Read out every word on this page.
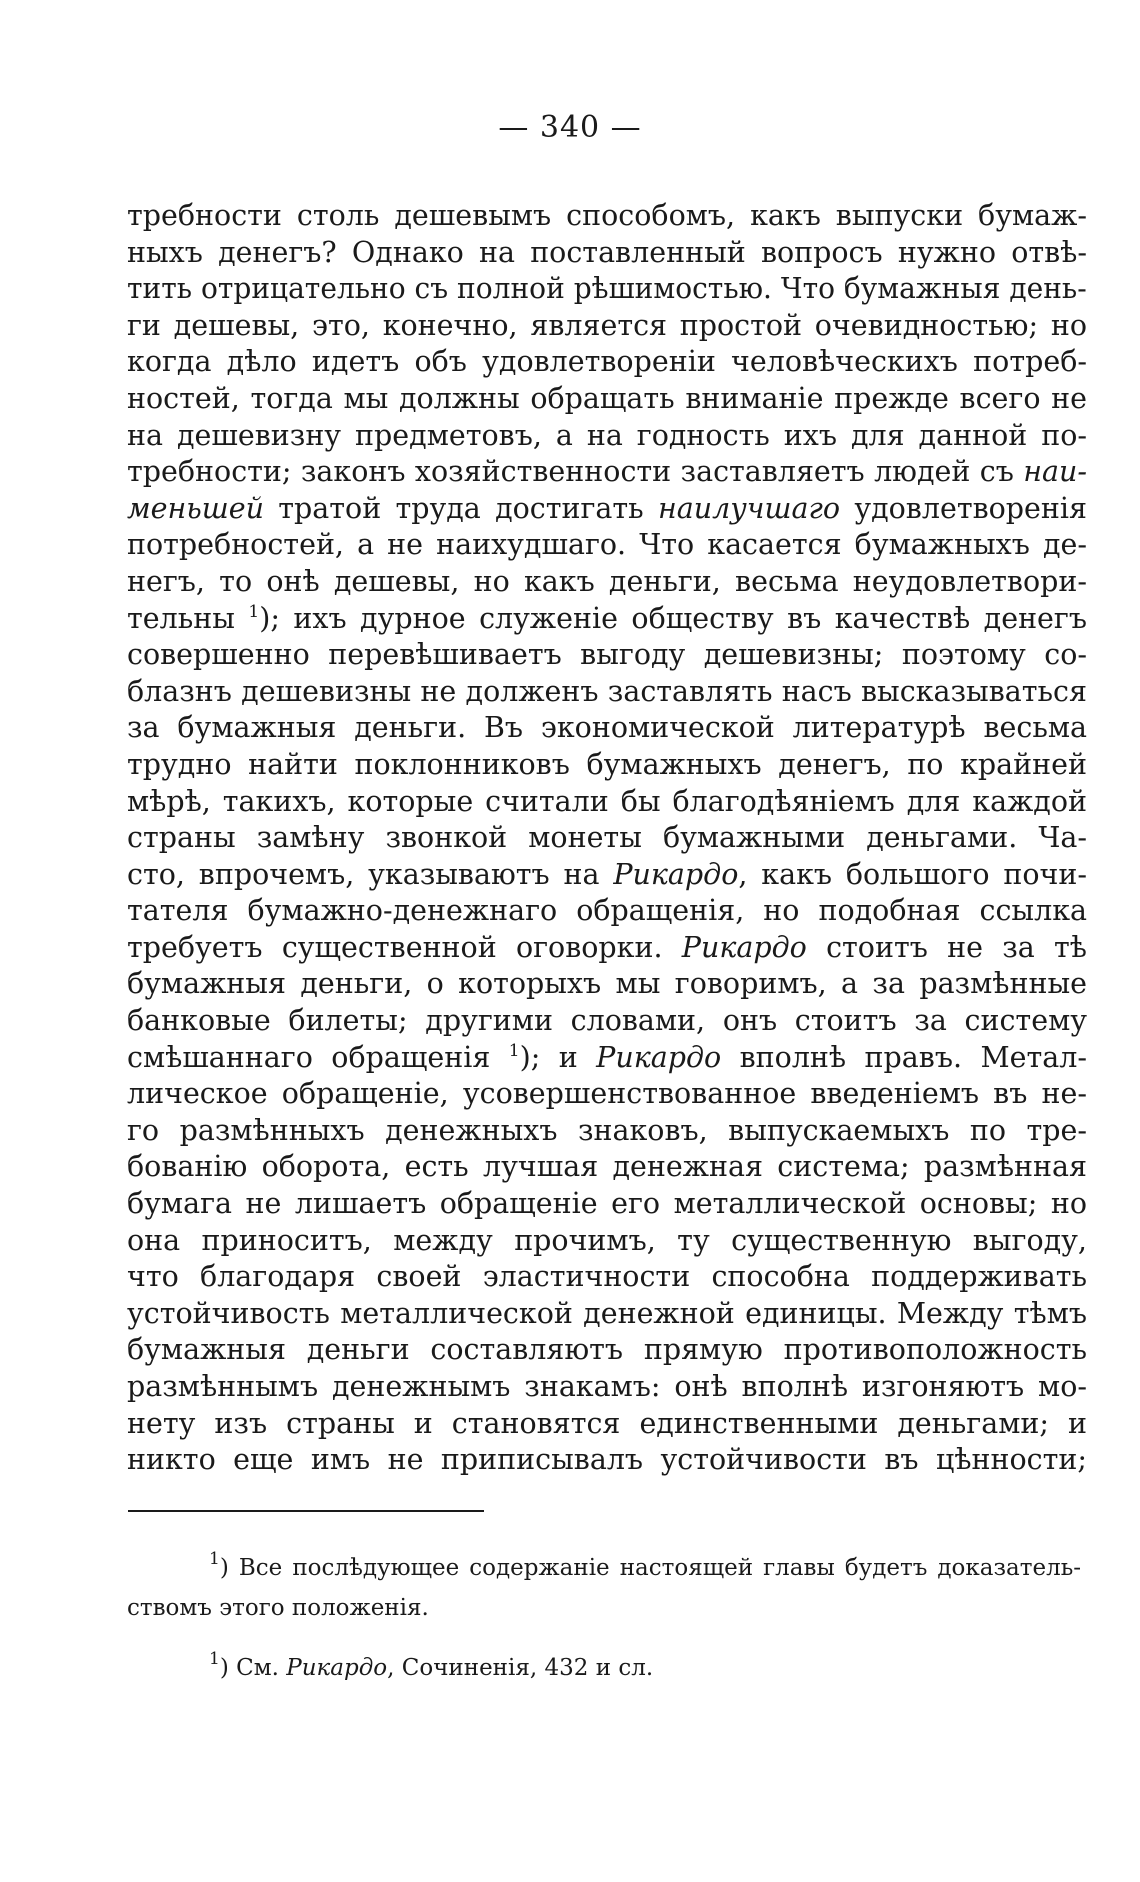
— 340 —
требности столь дешевымъ способомъ, какъ выпуски бумаж-
ныхъ денегъ? Однако на поставленный вопросъ нужно отвѣ-
тить отрицательно съ полной рѣшимостью. Что бумажныя день-
ги дешевы, это, конечно, является простой очевидностью; но
когда дѣло идетъ объ удовлетвореніи человѣческихъ потреб-
ностей, тогда мы должны обращать вниманіе прежде всего не
на дешевизну предметовъ, а на годность ихъ для данной по-
требности; законъ хозяйственности заставляетъ людей съ наи-
меньшей тратой труда достигать наилучшаго удовлетворенія
потребностей, а не наихудшаго. Что касается бумажныхъ де-
негъ, то онѣ дешевы, но какъ деньги, весьма неудовлетвори-
тельны $^1$); ихъ дурное служеніе обществу въ качествѣ денегъ
совершенно перевѣшиваетъ выгоду дешевизны; поэтому со-
блазнъ дешевизны не долженъ заставлять насъ высказываться
за бумажныя деньги. Въ экономической литературѣ весьма
трудно найти поклонниковъ бумажныхъ денегъ, по крайней
мѣрѣ, такихъ, которые считали бы благодѣяніемъ для каждой
страны замѣну звонкой монеты бумажными деньгами. Ча-
сто, впрочемъ, указываютъ на Рикардо, какъ большого почи-
тателя бумажно-денежнаго обращенія, но подобная ссылка
требуетъ существенной оговорки. Рикардо стоитъ не за тѣ
бумажныя деньги, о которыхъ мы говоримъ, а за размѣнные
банковые билеты; другими словами, онъ стоитъ за систему
смѣшаннаго обращенія $^1$); и Рикардо вполнѣ правъ. Метал-
лическое обращеніе, усовершенствованное введеніемъ въ не-
го размѣнныхъ денежныхъ знаковъ, выпускаемыхъ по тре-
бованію оборота, есть лучшая денежная система; размѣнная
бумага не лишаетъ обращеніе его металлической основы; но
она приноситъ, между прочимъ, ту существенную выгоду,
что благодаря своей эластичности способна поддерживать
устойчивость металлической денежной единицы. Между тѣмъ
бумажныя деньги составляютъ прямую противоположность
размѣннымъ денежнымъ знакамъ: онѣ вполнѣ изгоняютъ мо-
нету изъ страны и становятся единственными деньгами; и
никто еще имъ не приписывалъ устойчивости въ цѣнности;
$^1$) Все послѣдующее содержаніе настоящей главы будетъ доказатель-
ствомъ этого положенія.
$^1$) См. Рикардо, Сочиненія, 432 и сл.
